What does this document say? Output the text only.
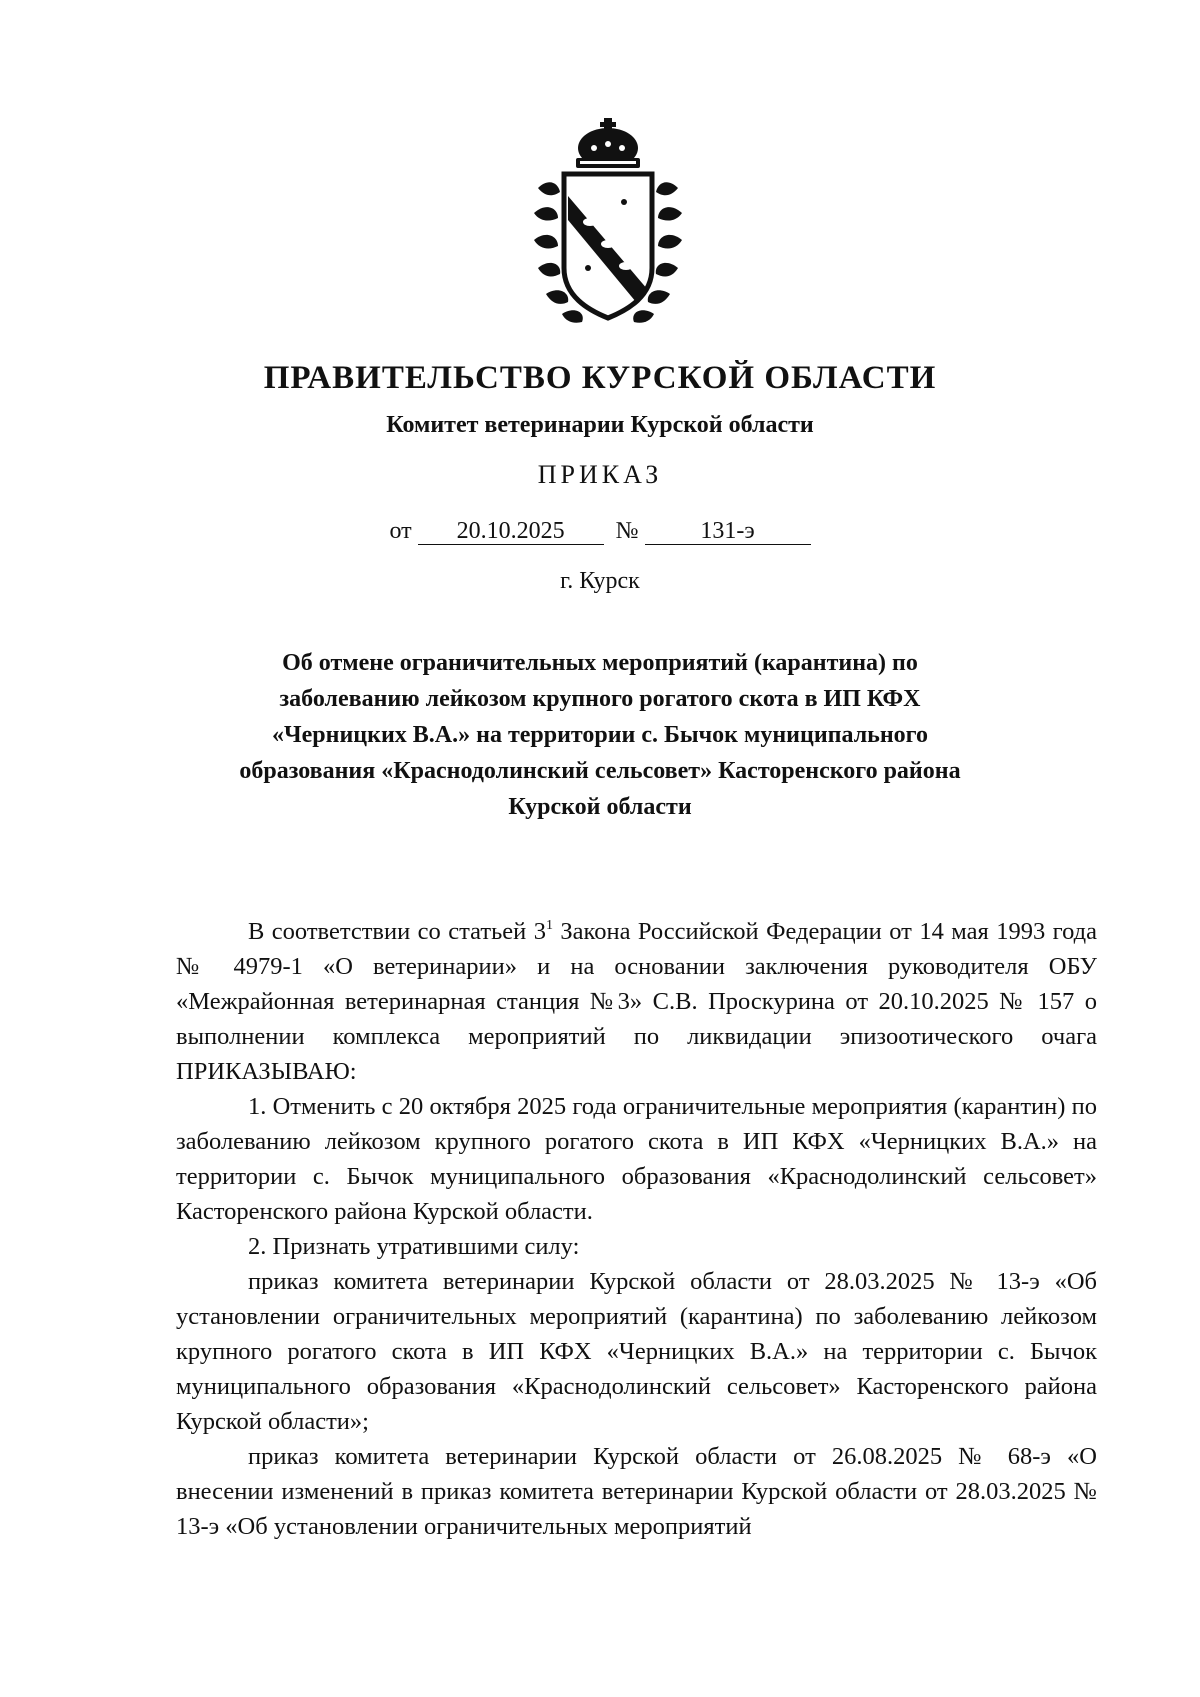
ПРАВИТЕЛЬСТВО КУРСКОЙ ОБЛАСТИ
Комитет ветеринарии Курской области
ПРИКАЗ
от 20.10.2025 №	131-э
г. Курск
Об отмене ограничительных мероприятий (карантина) по
заболеванию лейкозом крупного рогатого скота в ИП КФХ
«Черницких В.А.» на территории с. Бычок муниципального
образования «Краснодолинский сельсовет» Касторенского района
Курской области

В соответствии со статьей $3^1$ Закона Российской Федерации от 14 мая 1993 года № 4979-1 «О ветеринарии» и на основании заключения руководителя ОБУ «Межрайонная ветеринарная станция №3» С.В. Проскурина от 20.10.2025 № 157 о выполнении комплекса мероприятий по ликвидации эпизоотического очага ПРИКАЗЫВАЮ:

1. Отменить с 20 октября 2025 года ограничительные мероприятия (карантин) по заболеванию лейкозом крупного рогатого скота в ИП КФХ «Черницких В.А.» на территории с. Бычок муниципального образования «Краснодолинский сельсовет» Касторенского района Курской области.

2. Признать утратившими силу:

приказ комитета ветеринарии Курской области от 28.03.2025 № 13-э «Об установлении ограничительных мероприятий (карантина) по заболеванию лейкозом крупного рогатого скота в ИП КФХ «Черницких В.А.» на территории с. Бычок муниципального образования «Краснодолинский сельсовет» Касторенского района Курской области»;

приказ комитета ветеринарии Курской области от 26.08.2025 № 68-э «О внесении изменений в приказ комитета ветеринарии Курской области от 28.03.2025 № 13-э «Об установлении ограничительных мероприятий
